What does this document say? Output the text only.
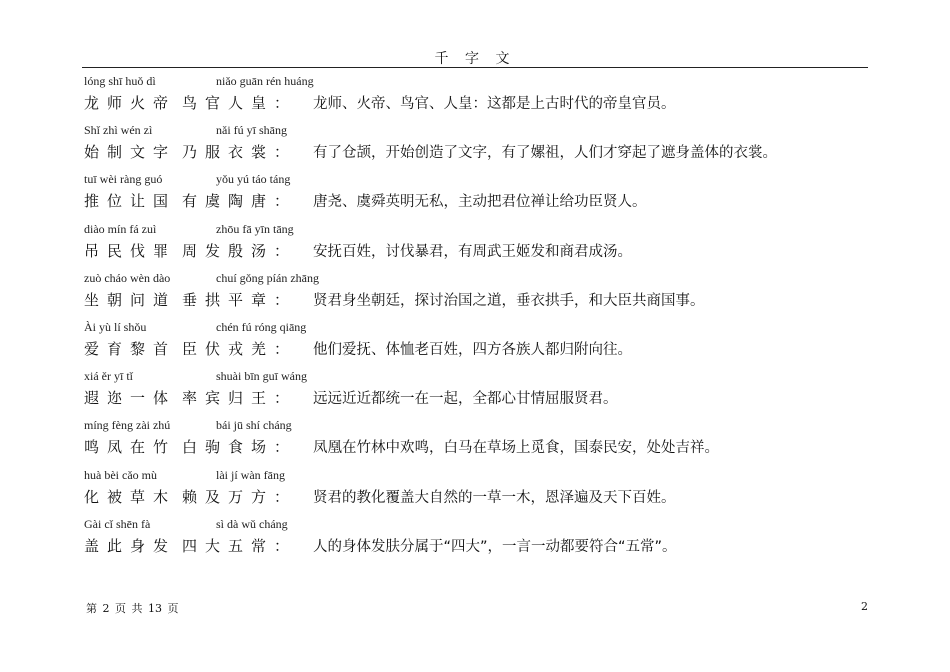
千 字 文
lóng shī huǒ dì	niǎo guān rén huáng
龙师火帝 鸟官人皇：	龙师、火帝、鸟官、人皇：这都是上古时代的帝皇官员。
Shǐ zhì wén zì	nǎi fú yī shāng
始制文字 乃服衣裳：	有了仓颉，开始创造了文字，有了嫘祖，人们才穿起了遮身盖体的衣裳。
tuī wèi ràng guó	yǒu yú táo táng
推位让国 有虞陶唐：	唐尧、虞舜英明无私，主动把君位禅让给功臣贤人。
diào mín fá zuì	zhōu fā yīn tāng
吊民伐罪 周发殷汤：	安抚百姓，讨伐暴君，有周武王姬发和商君成汤。
zuò cháo wèn dào	chuí gǒng píán zhāng
坐朝问道 垂拱平章：	贤君身坐朝廷，探讨治国之道，垂衣拱手，和大臣共商国事。
Ài yù lí shǒu	chén fú róng qiāng
爱育黎首 臣伏戎羌：	他们爱抚、体恤老百姓，四方各族人都归附向往。
xiá ěr yī tǐ	shuài bīn guī wáng
遐迩一体 率宾归王：	远远近近都统一在一起，全都心甘情屈服贤君。
míng fèng zài zhú	bái jū shí cháng
鸣凤在竹 白驹食场：	凤凰在竹林中欢鸣，白马在草场上觅食，国泰民安，处处吉祥。
huà bèi cǎo mù	lài jí wàn fāng
化被草木 赖及万方：	贤君的教化覆盖大自然的一草一木，恩泽遍及天下百姓。
Gài cǐ shēn fà	sì dà wǔ cháng
盖此身发 四大五常：	人的身体发肤分属于“四大”，一言一动都要符合“五常”。
第 2 页 共 13 页	2
